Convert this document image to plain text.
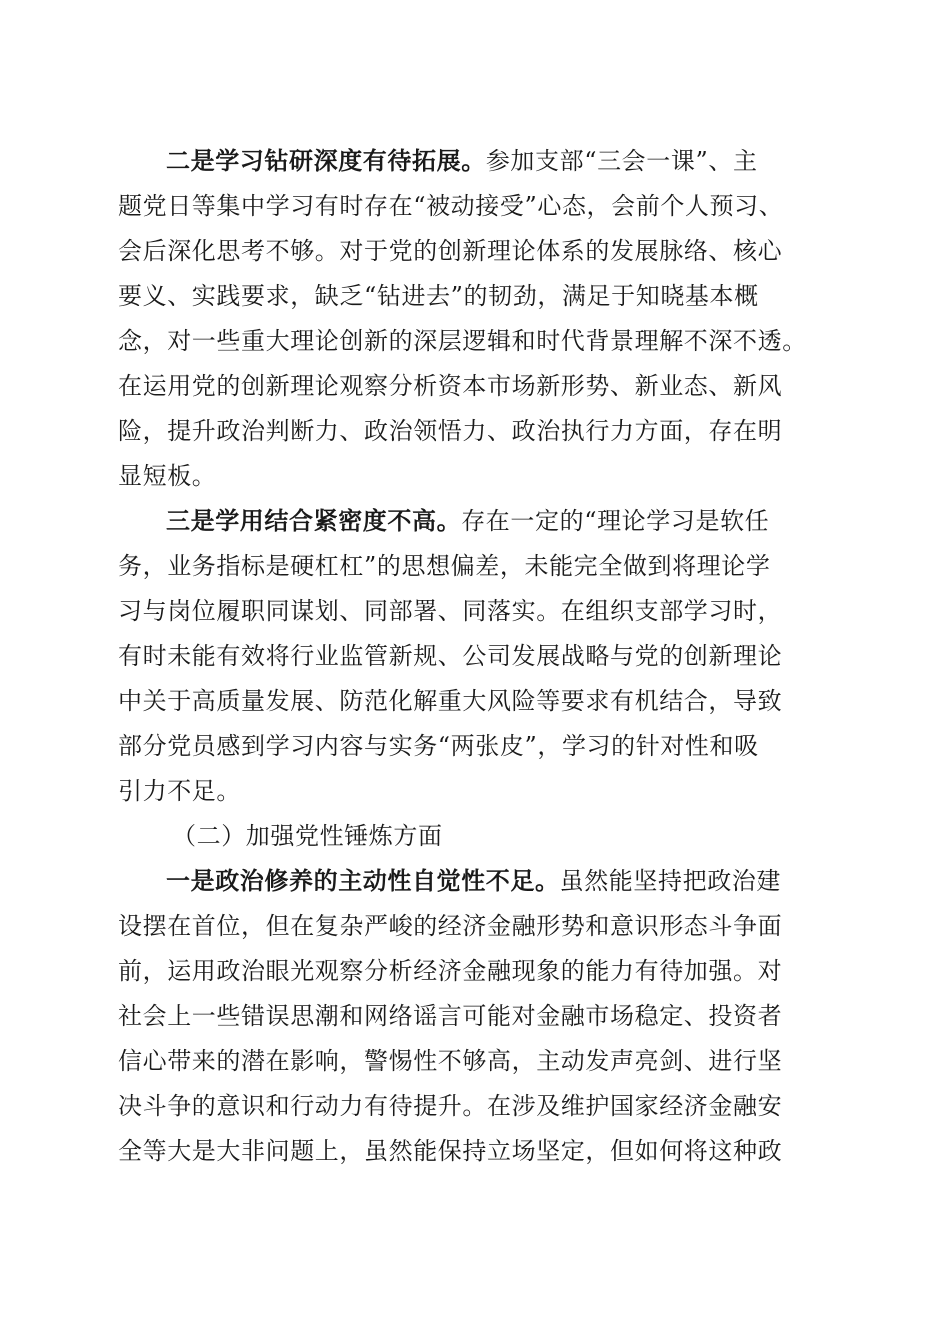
二是学习钻研深度有待拓展。参加支部“三会一课”、主
题党日等集中学习有时存在“被动接受”心态，会前个人预习、
会后深化思考不够。对于党的创新理论体系的发展脉络、核心
要义、实践要求，缺乏“钻进去”的韧劲，满足于知晓基本概
念，对一些重大理论创新的深层逻辑和时代背景理解不深不透。
在运用党的创新理论观察分析资本市场新形势、新业态、新风
险，提升政治判断力、政治领悟力、政治执行力方面，存在明
显短板。
三是学用结合紧密度不高。存在一定的“理论学习是软任
务，业务指标是硬杠杠”的思想偏差，未能完全做到将理论学
习与岗位履职同谋划、同部署、同落实。在组织支部学习时，
有时未能有效将行业监管新规、公司发展战略与党的创新理论
中关于高质量发展、防范化解重大风险等要求有机结合，导致
部分党员感到学习内容与实务“两张皮”，学习的针对性和吸
引力不足。
（二）加强党性锤炼方面
一是政治修养的主动性自觉性不足。虽然能坚持把政治建
设摆在首位，但在复杂严峻的经济金融形势和意识形态斗争面
前，运用政治眼光观察分析经济金融现象的能力有待加强。对
社会上一些错误思潮和网络谣言可能对金融市场稳定、投资者
信心带来的潜在影响，警惕性不够高，主动发声亮剑、进行坚
决斗争的意识和行动力有待提升。在涉及维护国家经济金融安
全等大是大非问题上，虽然能保持立场坚定，但如何将这种政
